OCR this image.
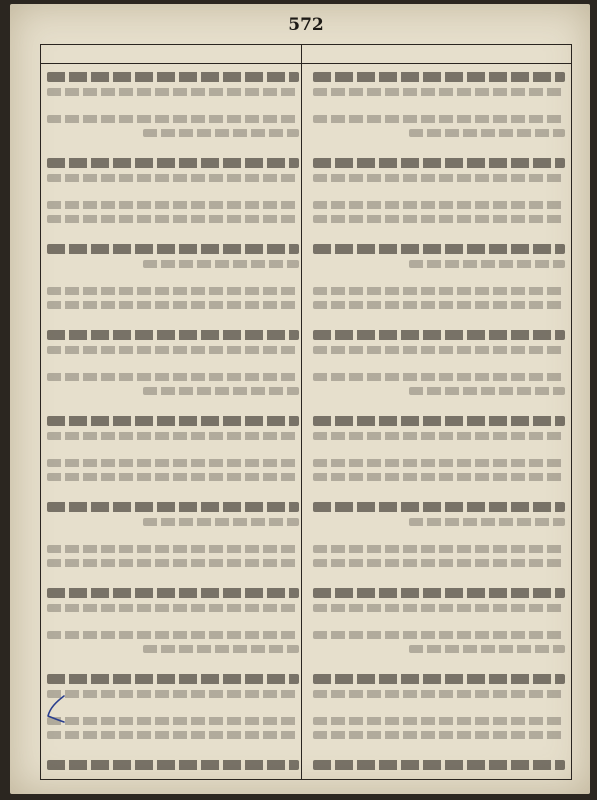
572
